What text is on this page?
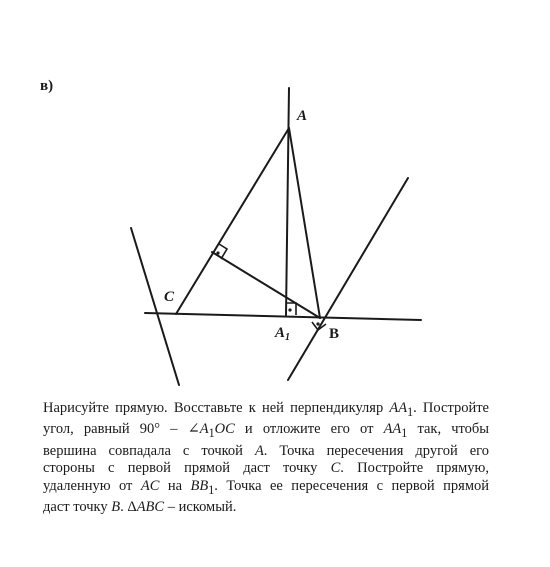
в)
A
C
$A_1$	B
Нарисуйте прямую. Восставьте к ней перпендикуляр $AA_1$. Постройте
угол, равный $90^\circ - \angle A_1OC$ и отложите его от $AA_1$ так, чтобы
вершина совпадала с точкой A. Точка пересечения другой его
стороны с первой прямой даст точку C. Постройте прямую,
удаленную от AC на $BB_1$. Точка ее пересечения с первой прямой
даст точку B. ΔABC – искомый.
